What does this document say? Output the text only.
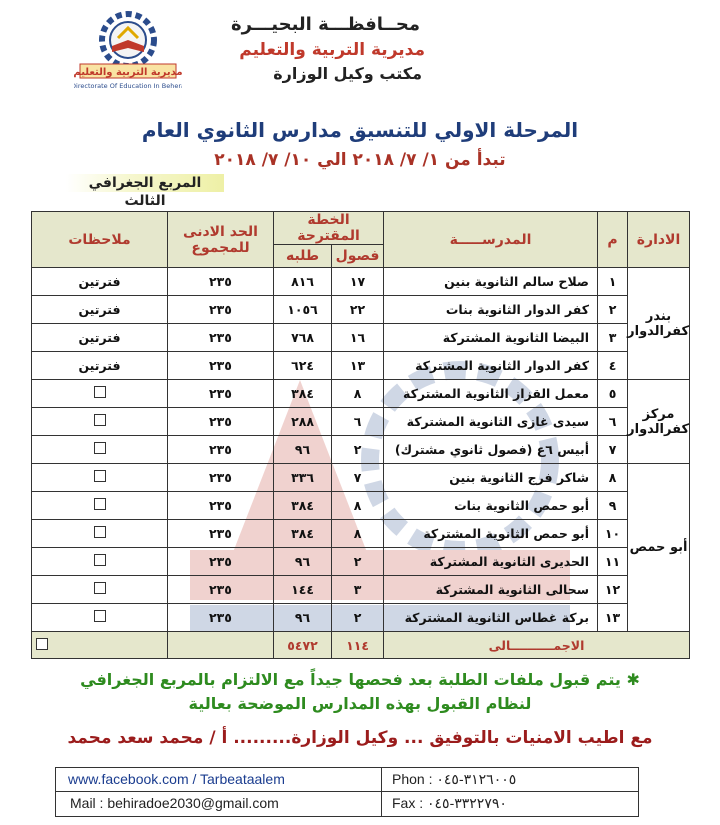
مديرية التربية والتعليم
Directorate Of Education In Behera
محــافظـــة البحيـــرة
مديرية التربية والتعليم
مكتب وكيل الوزارة
المرحلة الاولي للتنسيق مدارس الثانوي العام
تبدأ من ۱/ ۷/ ۲۰۱۸ الي ۱۰/ ۷/ ۲۰۱۸
المربع الجغرافي الثالث
الادارة	م	المدرســـــة	الخطة المقترحة		الحد الادنى
للمجموع	ملاحظات
			فصول	طلبه		
بندر كفرالدوار	۱	صلاح سالم الثانوية بنين	۱۷	۸۱٦	۲۳٥	فترتين
	۲	كفر الدوار الثانوية بنات	۲۲	۱۰٥٦	۲۳٥	فترتين
	۳	البيضا الثانوية المشتركة	۱٦	۷٦۸	۲۳٥	فترتين
	٤	كفر الدوار الثانوية المشتركة	۱۳	٦۲٤	۲۳٥	فترتين
مركز كفرالدوار	٥	معمل القزاز الثانوية المشتركة	۸	۳۸٤	۲۳٥	
	٦	سيدى غازى الثانوية المشتركة	٦	۲۸۸	۲۳٥	
	۷	أبيس ٦ع (فصول ثانوي مشترك)	۲	۹٦	۲۳٥	
أبو حمص	۸	شاكر فرج الثانوية بنين	۷	۳۳٦	۲۳٥	
	۹	أبو حمص الثانوية بنات	۸	۳۸٤	۲۳٥	
	۱۰	أبو حمص الثانوية المشتركة	۸	۳۸٤	۲۳٥	
	۱۱	الحديرى الثانوية المشتركة	۲	۹٦	۲۳٥	
	۱۲	سحالى الثانوية المشتركة	۳	۱٤٤	۲۳٥	
	۱۳	بركة غطاس الثانوية المشتركة	۲	۹٦	۲۳٥	
الاجمــــــــــالى			۱۱٤	٥٤٧۲		
✱ يتم قبول ملفات الطلبة بعد فحصها جيداً مع الالتزام بالمربع الجغرافي
لنظام القبول بهذه المدارس الموضحة بعالية
مع اطيب الامنيات بالتوفيق ... وكيل الوزارة......... أ / محمد سعد محمد
www.facebook.com / Tarbeataalem
Mail : behiradoe2030@gmail.com
Phon : ۰٤٥-۳۱۲٦۰۰٥
Fax : ۰٤٥-۳۳۲۲۷۹۰
